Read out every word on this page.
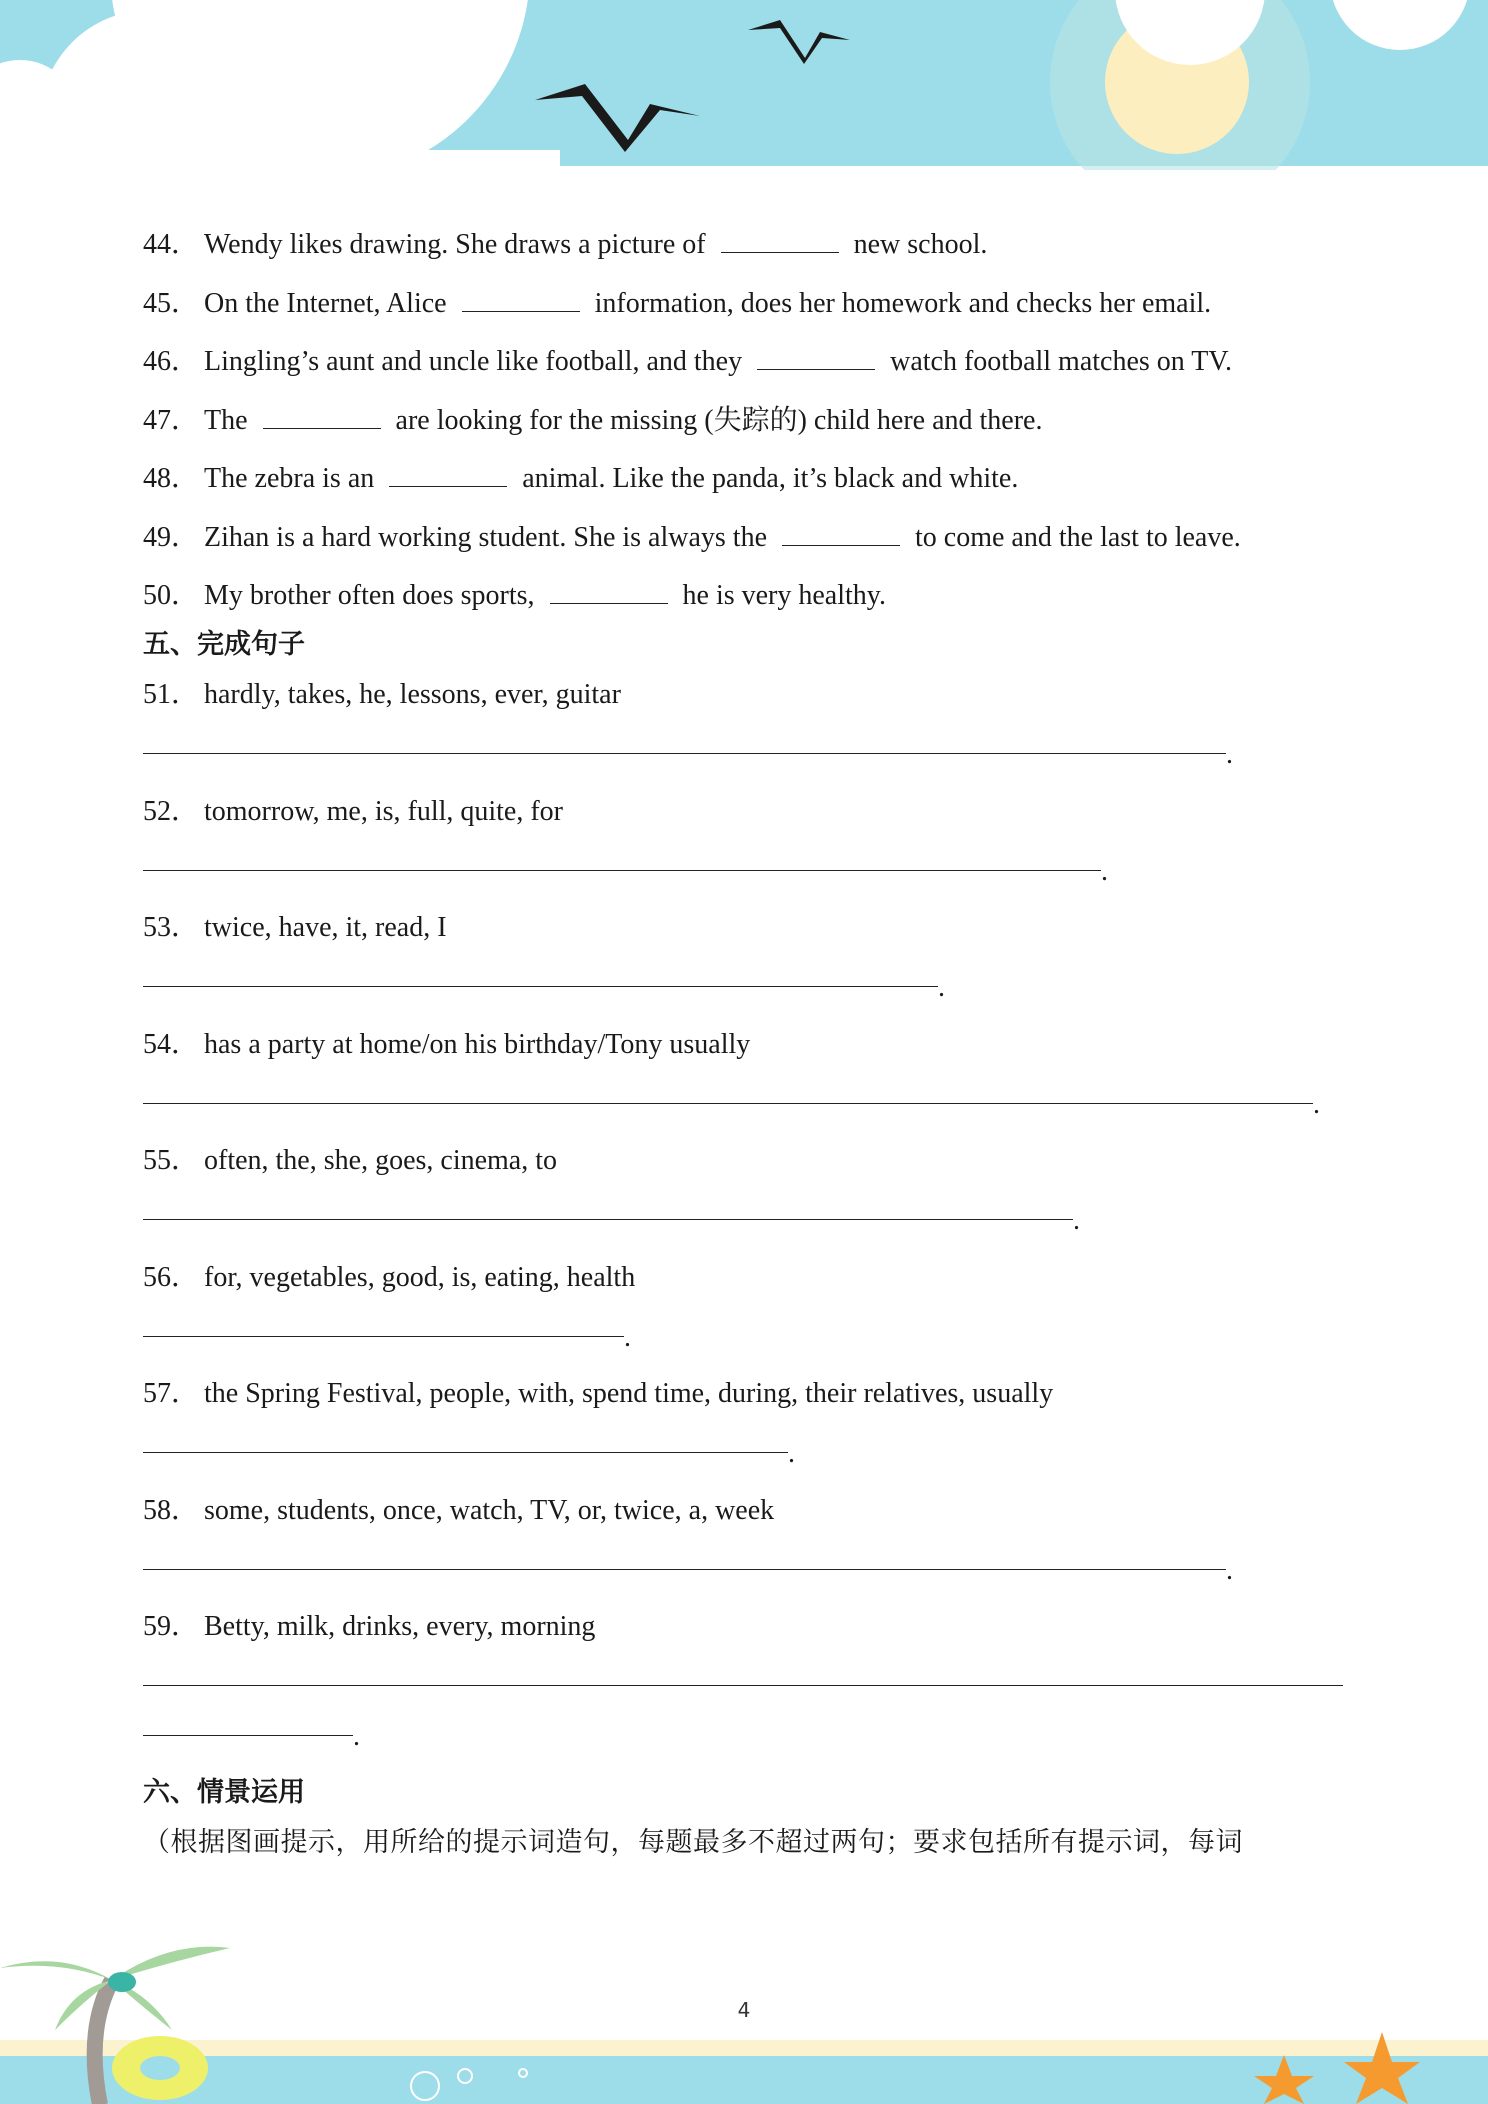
44． Wendy likes drawing. She draws a picture of	new school.
45． On the Internet, Alice	information, does her homework and checks her email.
46． Lingling’s aunt and uncle like football, and they	watch football matches on TV.
47． The	are looking for the missing (失踪的) child here and there.
48． The zebra is an	animal. Like the panda, it’s black and white.
49． Zihan is a hard working student. She is always the	to come and the last to leave.
50． My brother often does sports,	he is very healthy.
五、完成句子
51． hardly, takes, he, lessons, ever, guitar
.
52． tomorrow, me, is, full, quite, for
.
53． twice, have, it, read, I
.
54． has a party at home/on his birthday/Tony usually
.
55． often, the, she, goes, cinema, to
.
56． for, vegetables, good, is, eating, health
.
57． the Spring Festival, people, with, spend time, during, their relatives, usually
.
58． some, students, once, watch, TV, or, twice, a, week
.
59． Betty, milk, drinks, every, morning
.
六、情景运用
（根据图画提示，用所给的提示词造句，每题最多不超过两句；要求包括所有提示词，每词
4
